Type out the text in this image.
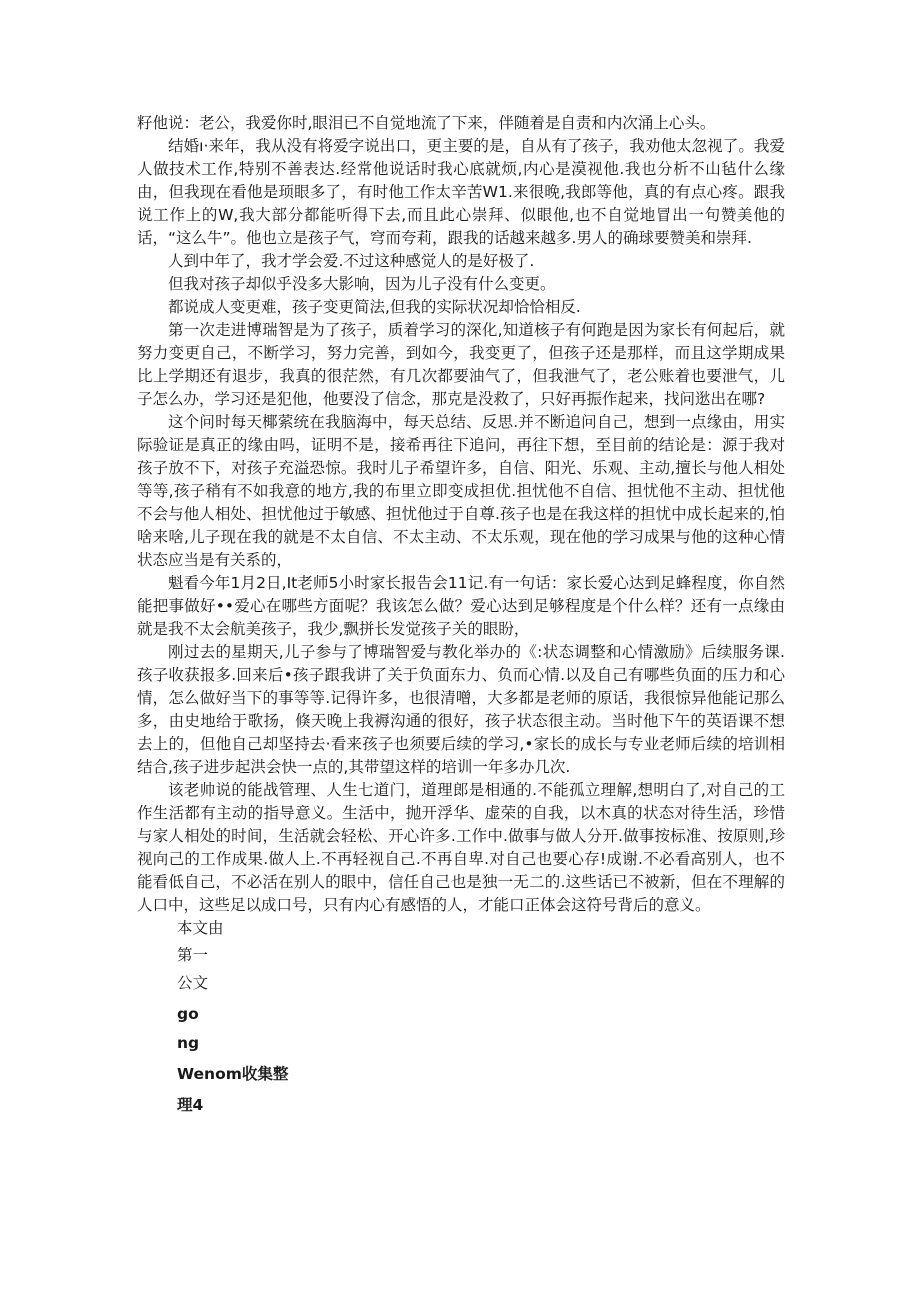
籽他说：老公，我爱你时,眼泪已不自觉地流了下来，伴随着是自责和内次涌上心头。

结婚ı·来年，我从没有将爱字说出口，更主要的是，自从有了孩子，我劝他太忽视了。我爱人做技术工作,特别不善表达.经常他说话时我心底就烦,内心是漠视他.我也分析不山毡什么缘由，但我现在看他是顼眼多了，有时他工作太辛苦W1.来很晚,我郎等他，真的有点心疼。跟我说工作上的W,我大部分都能听得下去,而且此心崇拜、似眼他,也不自觉地冒出一句赞美他的话，“这么牛”。他也立是孩子气，穹而夸莉，跟我的话越来越多.男人的确球要赞美和崇拜.

人到中年了，我才学会爱.不过这种感觉人的是好极了.

但我对孩子却似乎没多大影响，因为儿子没有什么变更。

都说成人变更难，孩子变更简法,但我的实际状况却恰恰相反.

第一次走进博瑞智是为了孩子，质着学习的深化,知道核子有何跑是因为家长有何起后，就努力变更自己，不断学习，努力完善，到如今，我变更了，但孩子还是那样，而且这学期成果比上学期还有退步，我真的很茫然，有几次都要油气了，但我泄气了，老公账着也要泄气，儿子怎么办，学习还是犯他，他要没了信念，那克是没救了，只好再振作起来，找问逖出在哪?

这个问时每天椰萦统在我脑海中，每天总结、反思.并不断追问自己，想到一点缘由，用实际验证是真正的缘由吗，证明不是，接希再往下追问，再往下想，至目前的结论是：源于我对孩子放不下，对孩子充溢恐惊。我时儿子希望许多，自信、阳光、乐观、主动,擅长与他人相处等等,孩子稍有不如我意的地方,我的布里立即变成担优.担忧他不自信、担忧他不主动、担忧他不会与他人相处、担忧他过于敏感、担忧他过于自尊.孩子也是在我这样的担忧中成长起来的,怕啥来啥,儿子现在我的就是不太自信、不太主动、不太乐观，现在他的学习成果与他的这种心情状态应当是有关系的，

魁看今年1月2日,It老师5小时家长报告会11记.有一句话：家长爱心达到足蜂程度，你自然能把事做好••爱心在哪些方面呢？我该怎么做？爱心达到足够程度是个什么样？还有一点缘由就是我不太会航美孩子，我少,飘拼长发觉孩子关的眼盼，

刚过去的星期天,儿子参与了博瑞智爱与教化举办的《:状态调整和心情激励》后续服务课.孩子收获报多.回来后•孩子跟我讲了关于负面东力、负而心情.以及自己有哪些负面的压力和心情，怎么做好当下的事等等.记得许多，也很清噌，大多都是老师的原话，我很惊异他能记那么多，由史地给于歌扬，倏天晚上我褥沟通的很好，孩子状态很主动。当时他下午的英语课不想去上的，但他自己却坚持去·看来孩子也须要后续的学习,•家长的成长与专业老师后续的培训相结合,孩子进步起洪会快一点的,其带望这样的培训一年多办几次.

该老帅说的能战管理、人生七道门，道理郎是相通的.不能孤立理解,想明白了,对自己的工作生活都有主动的指导意义。生活中，抛开浮华、虚荣的自我，以木真的状态对待生活，珍惜与家人相处的时间，生活就会轻松、开心许多.工作中.做事与做人分开.做事按标准、按原则,珍视向己的工作成果.做人上.不再轻视自己.不再自卑.对自己也要心存!成谢.不必看高别人，也不能看低自己，不必活在别人的眼中，信任自己也是独一无二的.这些话已不被新，但在不理解的人口中，这些足以成口号，只有内心有感悟的人，才能口正体会这符号背后的意义。

本文由

第一

公文

go

ng

Wenom收集整

理4
